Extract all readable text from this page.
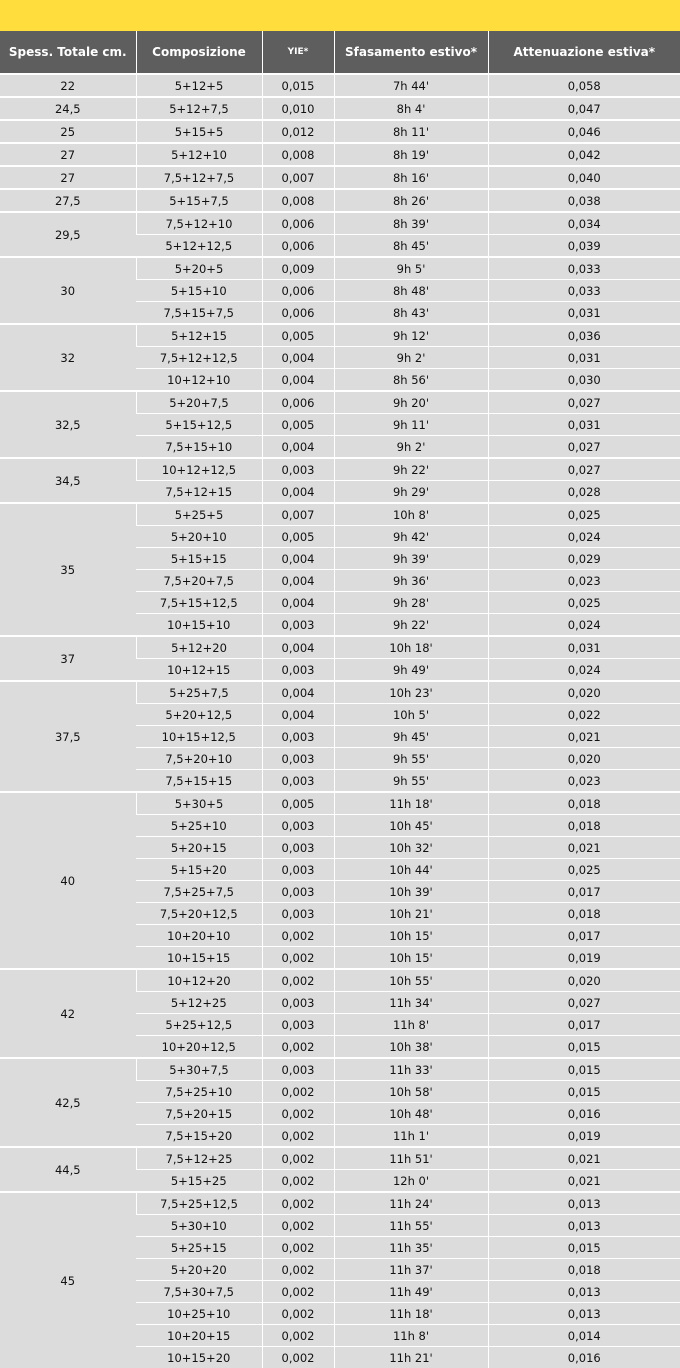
Spess. Totale cm.	Composizione	YIE*	Sfasamento estivo*	Attenuazione estiva*
22	5+12+5	0,015	7h 44'	0,058
24,5	5+12+7,5	0,010	8h 4'	0,047
25	5+15+5	0,012	8h 11'	0,046
27	5+12+10	0,008	8h 19'	0,042
27	7,5+12+7,5	0,007	8h 16'	0,040
27,5	5+15+7,5	0,008	8h 26'	0,038
29,5	7,5+12+10	0,006	8h 39'	0,034
	5+12+12,5	0,006	8h 45'	0,039
30	5+20+5	0,009	9h 5'	0,033
	5+15+10	0,006	8h 48'	0,033
	7,5+15+7,5	0,006	8h 43'	0,031
32	5+12+15	0,005	9h 12'	0,036
	7,5+12+12,5	0,004	9h 2'	0,031
	10+12+10	0,004	8h 56'	0,030
32,5	5+20+7,5	0,006	9h 20'	0,027
	5+15+12,5	0,005	9h 11'	0,031
	7,5+15+10	0,004	9h 2'	0,027
34,5	10+12+12,5	0,003	9h 22'	0,027
	7,5+12+15	0,004	9h 29'	0,028
35	5+25+5	0,007	10h 8'	0,025
	5+20+10	0,005	9h 42'	0,024
	5+15+15	0,004	9h 39'	0,029
	7,5+20+7,5	0,004	9h 36'	0,023
	7,5+15+12,5	0,004	9h 28'	0,025
	10+15+10	0,003	9h 22'	0,024
37	5+12+20	0,004	10h 18'	0,031
	10+12+15	0,003	9h 49'	0,024
37,5	5+25+7,5	0,004	10h 23'	0,020
	5+20+12,5	0,004	10h 5'	0,022
	10+15+12,5	0,003	9h 45'	0,021
	7,5+20+10	0,003	9h 55'	0,020
	7,5+15+15	0,003	9h 55'	0,023
40	5+30+5	0,005	11h 18'	0,018
	5+25+10	0,003	10h 45'	0,018
	5+20+15	0,003	10h 32'	0,021
	5+15+20	0,003	10h 44'	0,025
	7,5+25+7,5	0,003	10h 39'	0,017
	7,5+20+12,5	0,003	10h 21'	0,018
	10+20+10	0,002	10h 15'	0,017
	10+15+15	0,002	10h 15'	0,019
42	10+12+20	0,002	10h 55'	0,020
	5+12+25	0,003	11h 34'	0,027
	5+25+12,5	0,003	11h 8'	0,017
	10+20+12,5	0,002	10h 38'	0,015
42,5	5+30+7,5	0,003	11h 33'	0,015
	7,5+25+10	0,002	10h 58'	0,015
	7,5+20+15	0,002	10h 48'	0,016
	7,5+15+20	0,002	11h 1'	0,019
44,5	7,5+12+25	0,002	11h 51'	0,021
	5+15+25	0,002	12h 0'	0,021
45	7,5+25+12,5	0,002	11h 24'	0,013
	5+30+10	0,002	11h 55'	0,013
	5+25+15	0,002	11h 35'	0,015
	5+20+20	0,002	11h 37'	0,018
	7,5+30+7,5	0,002	11h 49'	0,013
	10+25+10	0,002	11h 18'	0,013
	10+20+15	0,002	11h 8'	0,014
	10+15+20	0,002	11h 21'	0,016
